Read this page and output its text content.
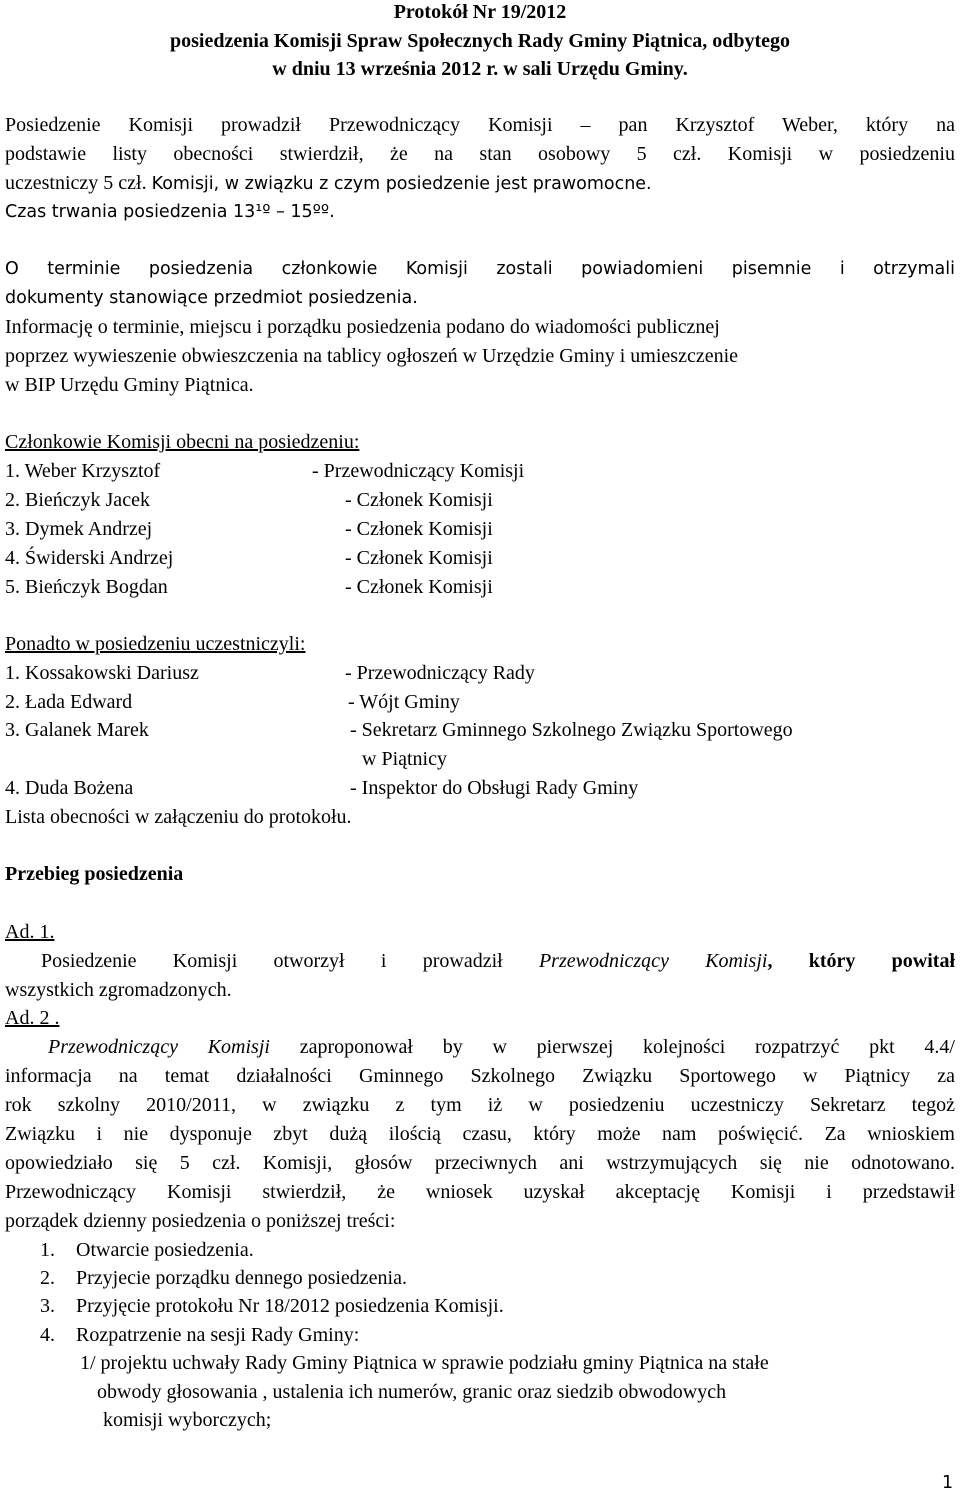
Protokół Nr 19/2012
posiedzenia Komisji Spraw Społecznych Rady Gminy Piątnica, odbytego
w dniu 13 września 2012 r. w sali Urzędu Gminy.
Posiedzenie Komisji prowadził Przewodniczący Komisji – pan Krzysztof Weber, który na
podstawie listy obecności stwierdził, że na stan osobowy 5 czł. Komisji w posiedzeniu
uczestniczy 5 czł. Komisji, w związku z czym posiedzenie jest prawomocne.
Czas trwania posiedzenia 13¹º – 15ºº.
O terminie posiedzenia członkowie Komisji zostali powiadomieni pisemnie i otrzymali
dokumenty stanowiące przedmiot posiedzenia.
Informację o terminie, miejscu i porządku posiedzenia podano do wiadomości publicznej
poprzez wywieszenie obwieszczenia na tablicy ogłoszeń w Urzędzie Gminy i umieszczenie
w BIP Urzędu Gminy Piątnica.
Członkowie Komisji obecni na posiedzeniu:
1. Weber Krzysztof	- Przewodniczący Komisji
2. Bieńczyk Jacek	- Członek Komisji
3. Dymek Andrzej	- Członek Komisji
4. Świderski Andrzej	- Członek Komisji
5. Bieńczyk Bogdan	- Członek Komisji
Ponadto w posiedzeniu uczestniczyli:
1. Kossakowski Dariusz	- Przewodniczący Rady
2. Łada Edward	- Wójt Gminy
3. Galanek Marek	- Sekretarz Gminnego Szkolnego Związku Sportowego
w Piątnicy
4. Duda Bożena	- Inspektor do Obsługi Rady Gminy
Lista obecności w załączeniu do protokołu.
Przebieg posiedzenia
Ad. 1.
Posiedzenie Komisji otworzył i prowadził Przewodniczący Komisji, który powitał
wszystkich zgromadzonych.
Ad. 2 .
Przewodniczący Komisji zaproponował by w pierwszej kolejności rozpatrzyć pkt 4.4/
informacja na temat działalności Gminnego Szkolnego Związku Sportowego w Piątnicy za
rok szkolny 2010/2011, w związku z tym iż w posiedzeniu uczestniczy Sekretarz tegoż
Związku i nie dysponuje zbyt dużą ilością czasu, który może nam poświęcić. Za wnioskiem
opowiedziało się 5 czł. Komisji, głosów przeciwnych ani wstrzymujących się nie odnotowano.
Przewodniczący Komisji stwierdził, że wniosek uzyskał akceptację Komisji i przedstawił
porządek dzienny posiedzenia o poniższej treści:
1. Otwarcie posiedzenia.
2. Przyjecie porządku dennego posiedzenia.
3. Przyjęcie protokołu Nr 18/2012 posiedzenia Komisji.
4. Rozpatrzenie na sesji Rady Gminy:
1/ projektu uchwały Rady Gminy Piątnica w sprawie podziału gminy Piątnica na stałe
obwody głosowania , ustalenia ich numerów, granic oraz siedzib obwodowych
komisji wyborczych;
1
